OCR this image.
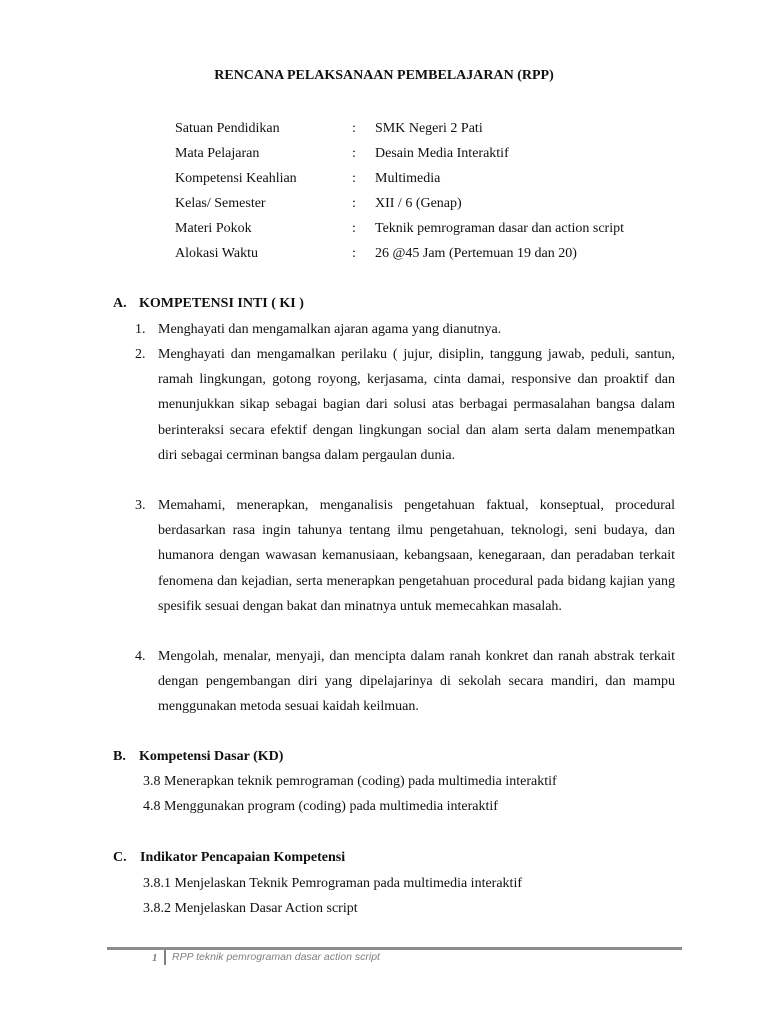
RENCANA PELAKSANAAN PEMBELAJARAN (RPP)
Satuan Pendidikan	: SMK Negeri 2 Pati
Mata Pelajaran	: Desain Media Interaktif
Kompetensi Keahlian	: Multimedia
Kelas/ Semester	: XII / 6 (Genap)
Materi Pokok	: Teknik pemrograman dasar dan action script
Alokasi Waktu	: 26 @45 Jam (Pertemuan 19 dan 20)
A. KOMPETENSI INTI ( KI )
1. Menghayati dan mengamalkan ajaran agama yang dianutnya.
2. Menghayati dan mengamalkan perilaku ( jujur, disiplin, tanggung jawab, peduli, santun, ramah lingkungan, gotong royong, kerjasama, cinta damai, responsive dan proaktif dan menunjukkan sikap sebagai bagian dari solusi atas berbagai permasalahan bangsa dalam berinteraksi secara efektif dengan lingkungan social dan alam serta dalam menempatkan diri sebagai cerminan bangsa dalam pergaulan dunia.
3. Memahami, menerapkan, menganalisis pengetahuan faktual, konseptual, procedural berdasarkan rasa ingin tahunya tentang ilmu pengetahuan, teknologi, seni budaya, dan humanora dengan wawasan kemanusiaan, kebangsaan, kenegaraan, dan peradaban terkait fenomena dan kejadian, serta menerapkan pengetahuan procedural pada bidang kajian yang spesifik sesuai dengan bakat dan minatnya untuk memecahkan masalah.
4. Mengolah, menalar, menyaji, dan mencipta dalam ranah konkret dan ranah abstrak terkait dengan pengembangan diri yang dipelajarinya di sekolah secara mandiri, dan mampu menggunakan metoda sesuai kaidah keilmuan.
B. Kompetensi Dasar (KD)
3.8 Menerapkan teknik pemrograman (coding) pada multimedia interaktif
4.8 Menggunakan program (coding) pada multimedia interaktif
C. Indikator Pencapaian Kompetensi
3.8.1 Menjelaskan Teknik Pemrograman pada multimedia interaktif
3.8.2 Menjelaskan Dasar Action script
1 RPP teknik pemrograman dasar action script
